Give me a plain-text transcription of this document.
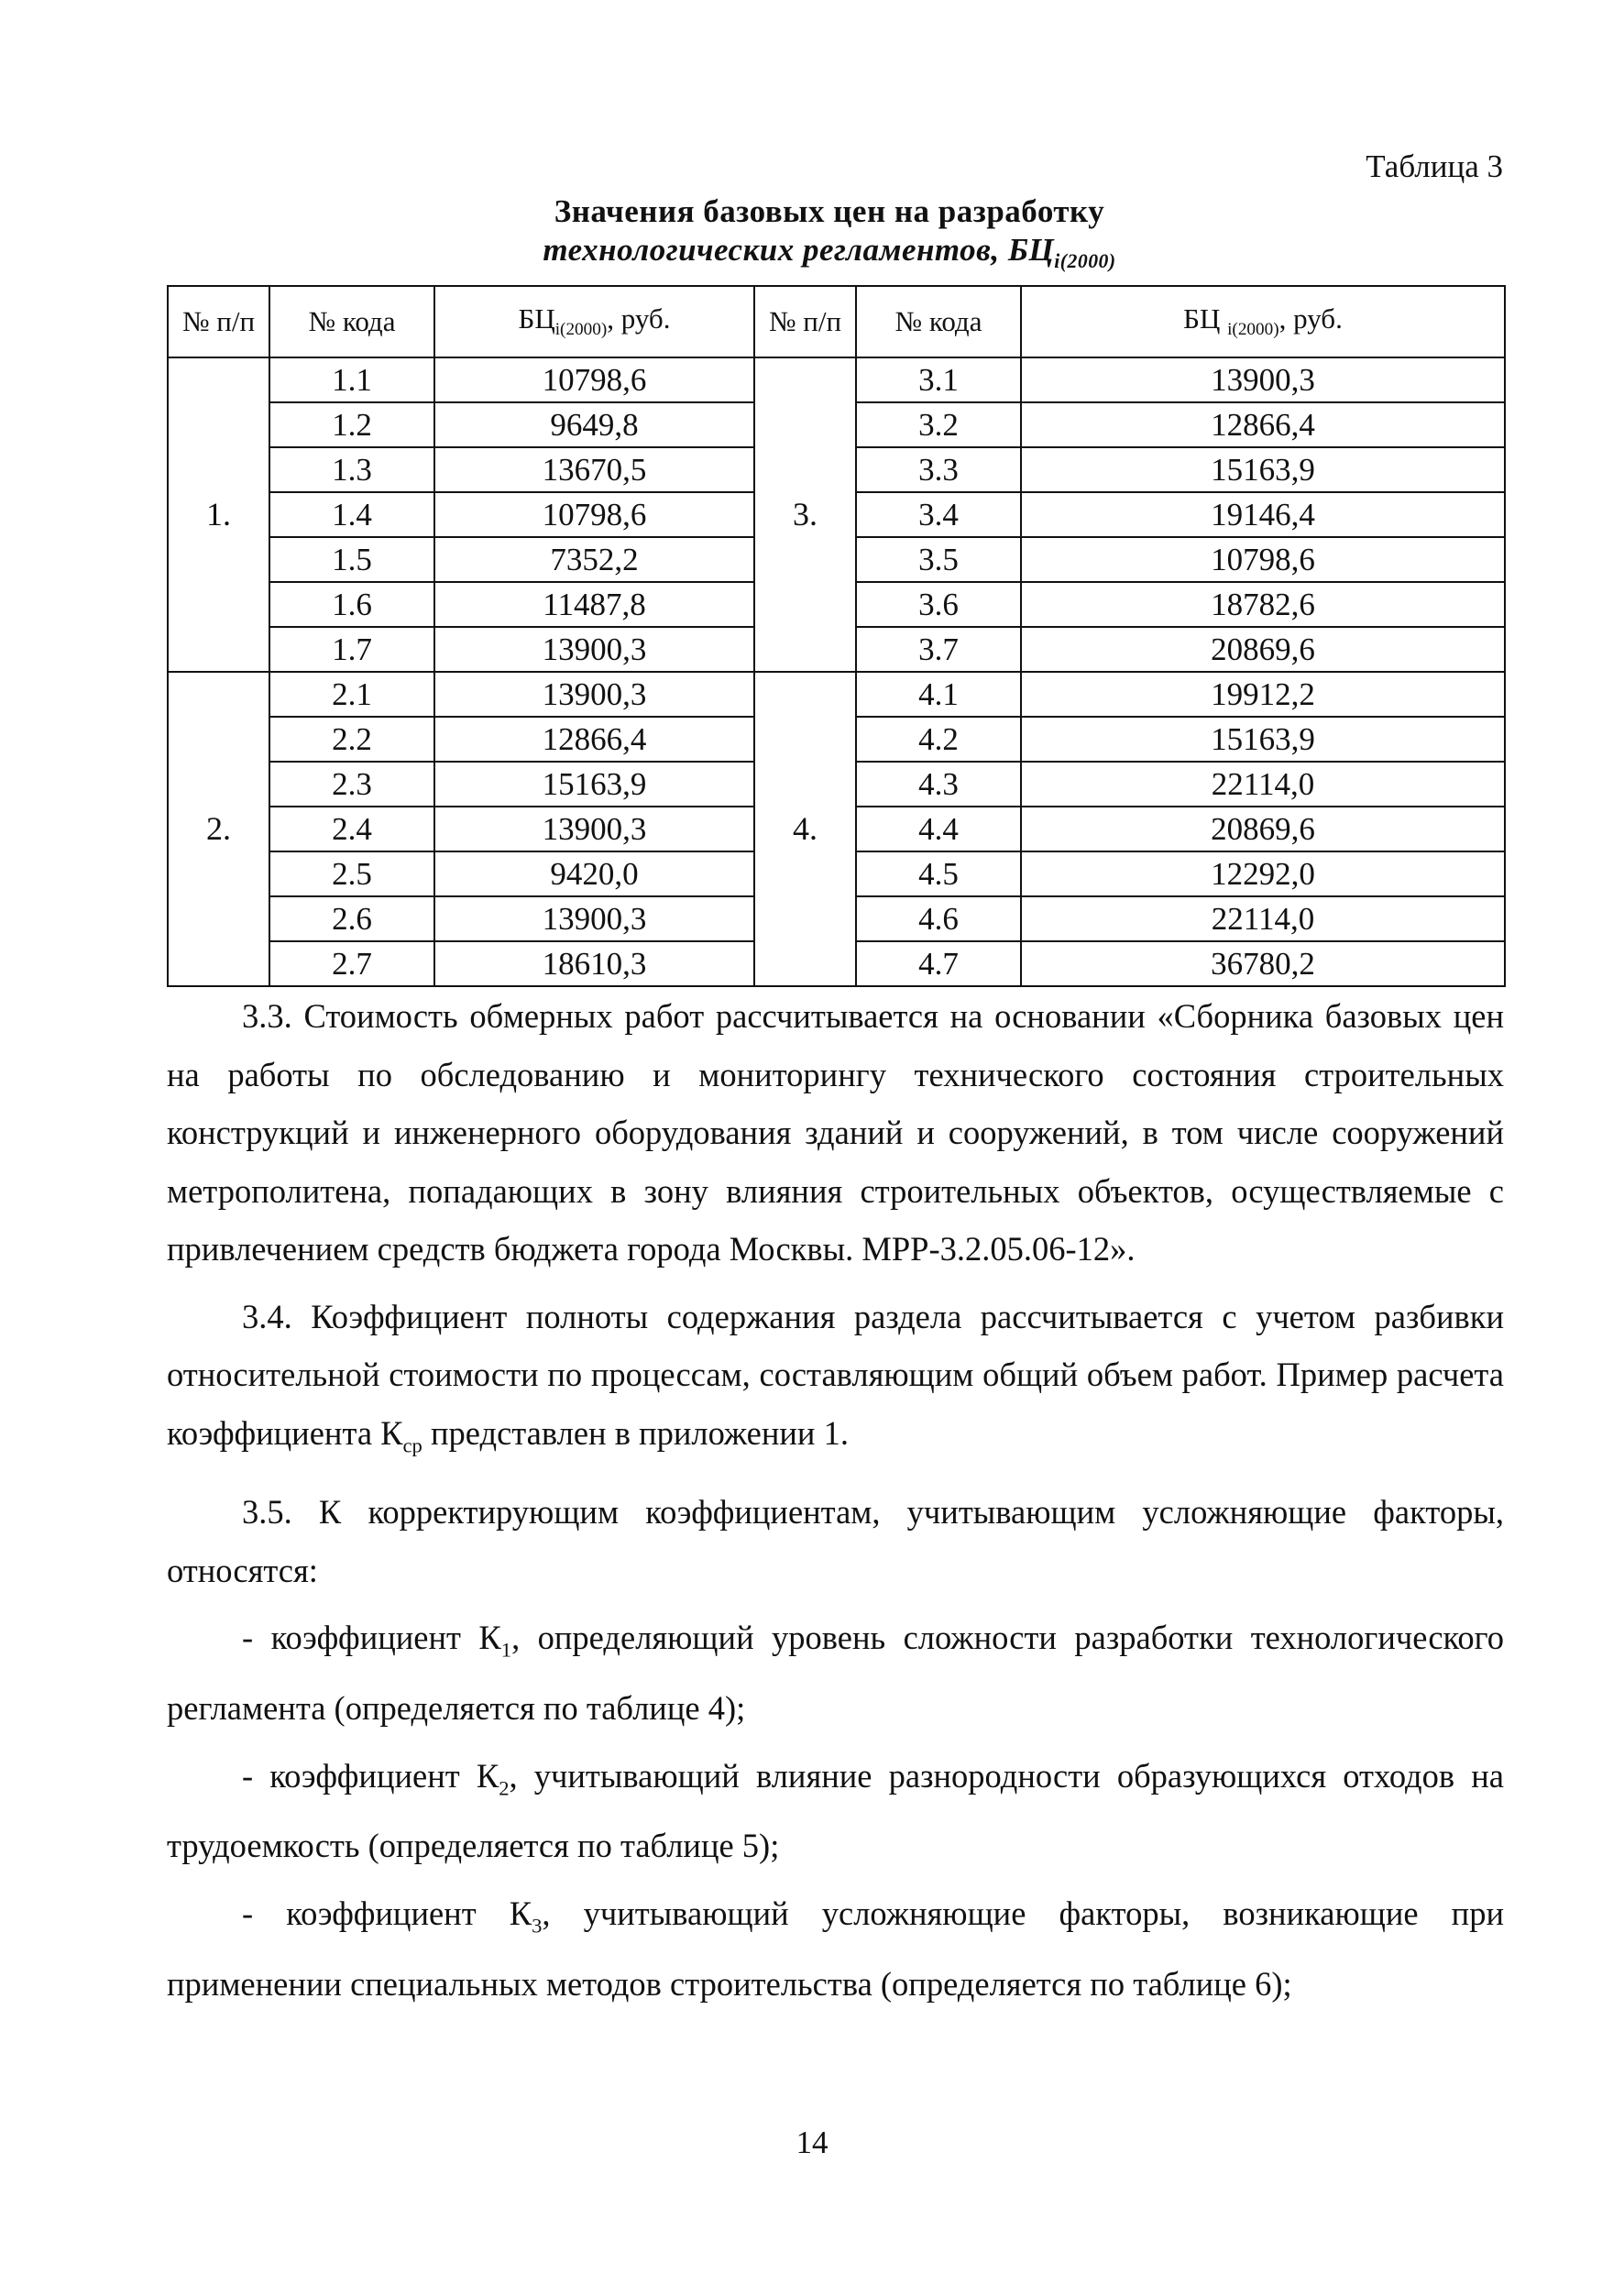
Таблица 3
Значения базовых цен на разработку
технологических регламентов, $БЦ_{i(2000)}$
№ п/п	№ кода	$БЦ_{i(2000)}$, руб.	№ п/п	№ кода	БЦ $_{i(2000)}$, руб.
1.	1.1	10798,6	3.	3.1	13900,3
	1.2	9649,8		3.2	12866,4
	1.3	13670,5		3.3	15163,9
	1.4	10798,6		3.4	19146,4
	1.5	7352,2		3.5	10798,6
	1.6	11487,8		3.6	18782,6
	1.7	13900,3		3.7	20869,6
2.	2.1	13900,3	4.	4.1	19912,2
	2.2	12866,4		4.2	15163,9
	2.3	15163,9		4.3	22114,0
	2.4	13900,3		4.4	20869,6
	2.5	9420,0		4.5	12292,0
	2.6	13900,3		4.6	22114,0
	2.7	18610,3		4.7	36780,2

3.3. Стоимость обмерных работ рассчитывается на основании «Сборника базовых цен на работы по обследованию и мониторингу технического состояния строительных конструкций и инженерного оборудования зданий и сооружений, в том числе сооружений метрополитена, попадающих в зону влияния строительных объектов, осуществляемые с привлечением средств бюджета города Москвы. МРР-3.2.05.06-12».

3.4. Коэффициент полноты содержания раздела рассчитывается с учетом разбивки относительной стоимости по процессам, составляющим общий объем работ. Пример расчета коэффициента $К_{ср}$ представлен в приложении 1.

3.5. К корректирующим коэффициентам, учитывающим усложняющие факторы, относятся:

- коэффициент $К_1$, определяющий уровень сложности разработки технологического регламента (определяется по таблице 4);

- коэффициент $К_2$, учитывающий влияние разнородности образующихся отходов на трудоемкость (определяется по таблице 5);

- коэффициент $К_3$, учитывающий усложняющие факторы, возникающие при применении специальных методов строительства (определяется по таблице 6);

14
